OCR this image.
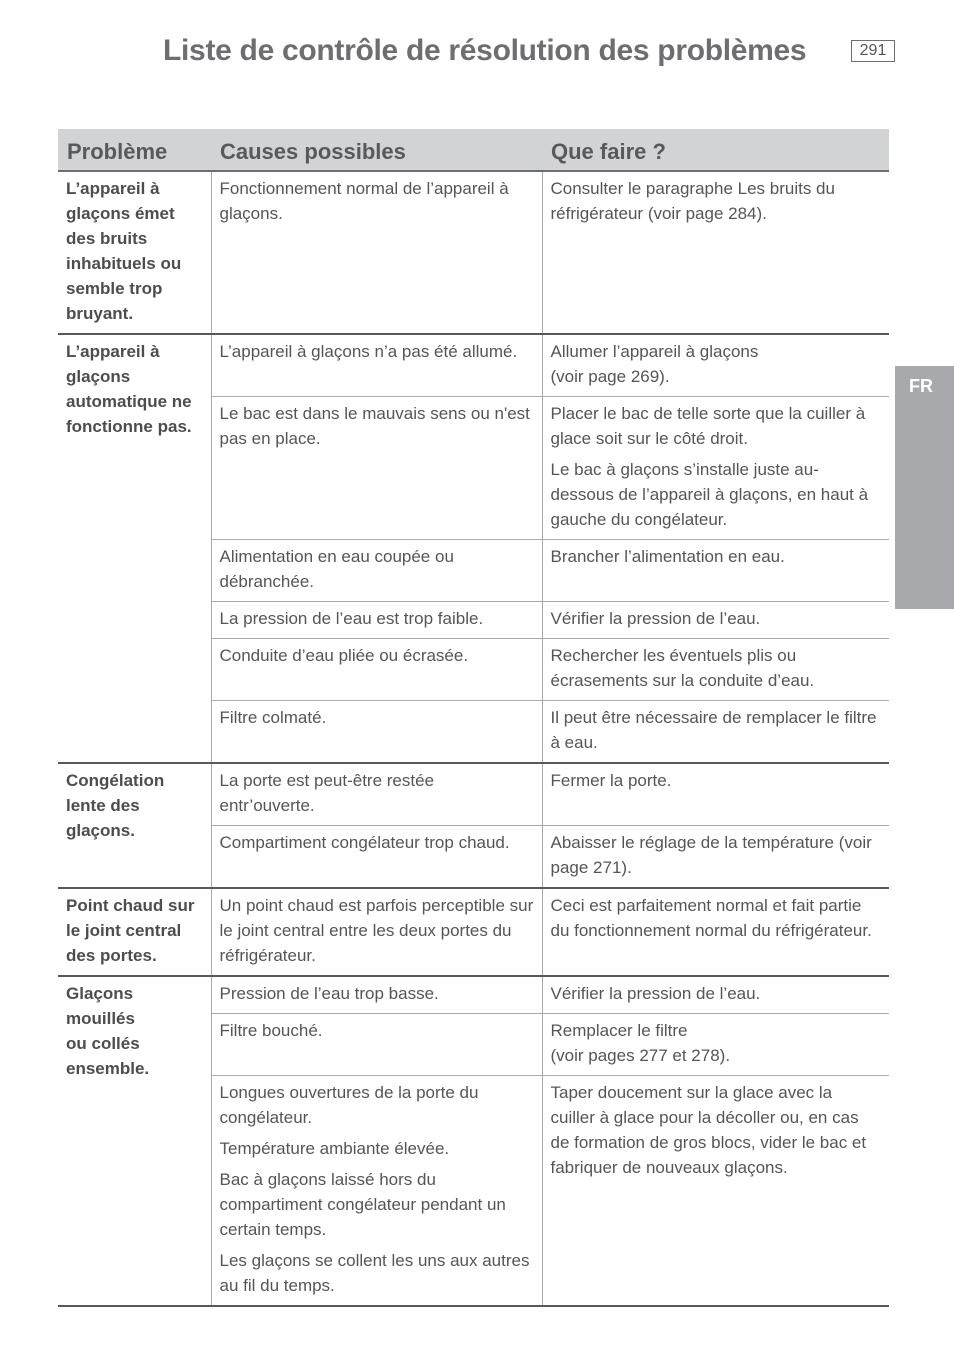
Liste de contrôle de résolution des problèmes	291
FR
Problème	Causes possibles	Que faire ?
L’appareil à glaçons émet des bruits inhabituels ou semble trop bruyant.	Fonctionnement normal de l’appareil à glaçons.	Consulter le paragraphe Les bruits du réfrigérateur (voir page 284).

L’appareil à glaçons automatique ne fonctionne pas.	L’appareil à glaçons n’a pas été allumé.	Allumer l’appareil à glaçons
(voir page 269).

	Le bac est dans le mauvais sens ou n'est pas en place.	Placer le bac de telle sorte que la cuiller à glace soit sur le côté droit.
Le bac à glaçons s’installe juste au-dessous de l’appareil à glaçons, en haut à gauche du congélateur.

	Alimentation en eau coupée ou débranchée.	Brancher l’alimentation en eau.

	La pression de l’eau est trop faible.	Vérifier la pression de l’eau.

	Conduite d’eau pliée ou écrasée.	Rechercher les éventuels plis ou écrasements sur la conduite d’eau.

	Filtre colmaté.	Il peut être nécessaire de remplacer le filtre à eau.

Congélation lente des glaçons.	La porte est peut-être restée entr’ouverte.	Fermer la porte.

	Compartiment congélateur trop chaud.	Abaisser le réglage de la température (voir page 271).

Point chaud sur le joint central des portes.	Un point chaud est parfois perceptible sur le joint central entre les deux portes du réfrigérateur.	Ceci est parfaitement normal et fait partie du fonctionnement normal du réfrigérateur.

Glaçons mouillés
ou collés ensemble.	Pression de l’eau trop basse.	Vérifier la pression de l’eau.

	Filtre bouché.	Remplacer le filtre
(voir pages 277 et 278).

	Longues ouvertures de la porte du congélateur.
Température ambiante élevée.
Bac à glaçons laissé hors du compartiment congélateur pendant un certain temps.
Les glaçons se collent les uns aux autres au fil du temps.	Taper doucement sur la glace avec la cuiller à glace pour la décoller ou, en cas de formation de gros blocs, vider le bac et fabriquer de nouveaux glaçons.
